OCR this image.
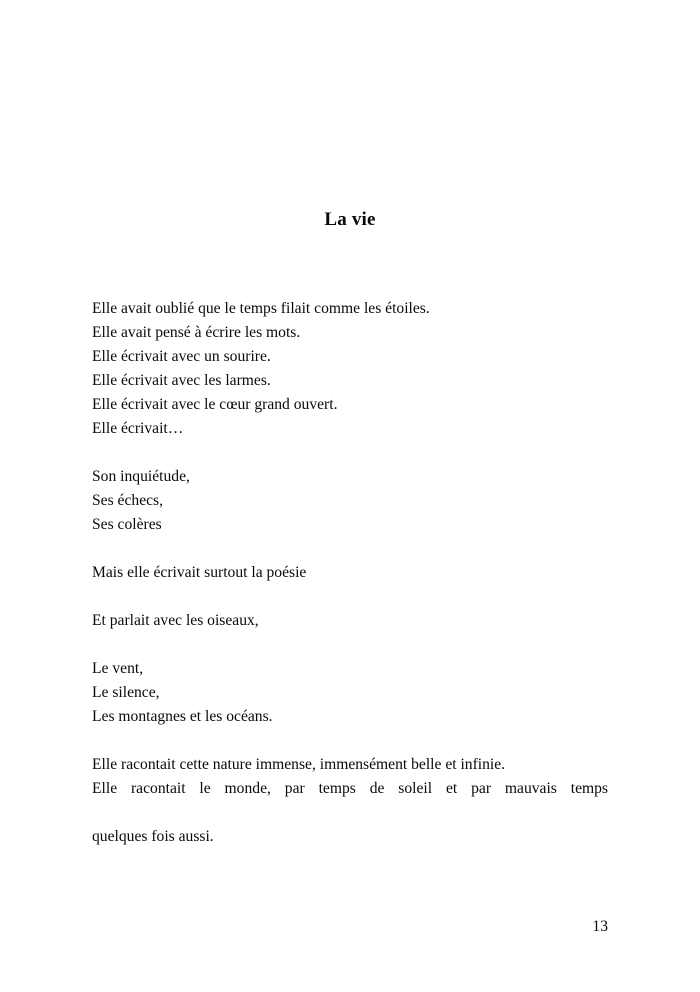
La vie

Elle avait oublié que le temps filait comme les étoiles.
Elle avait pensé à écrire les mots.
Elle écrivait avec un sourire.
Elle écrivait avec les larmes.
Elle écrivait avec le cœur grand ouvert.
Elle écrivait…

Son inquiétude,
Ses échecs,
Ses colères

Mais elle écrivait surtout la poésie

Et parlait avec les oiseaux,

Le vent,
Le silence,
Les montagnes et les océans.

Elle racontait cette nature immense, immensément belle et infinie.
Elle racontait le monde, par temps de soleil et par mauvais temps
quelques fois aussi.

13
